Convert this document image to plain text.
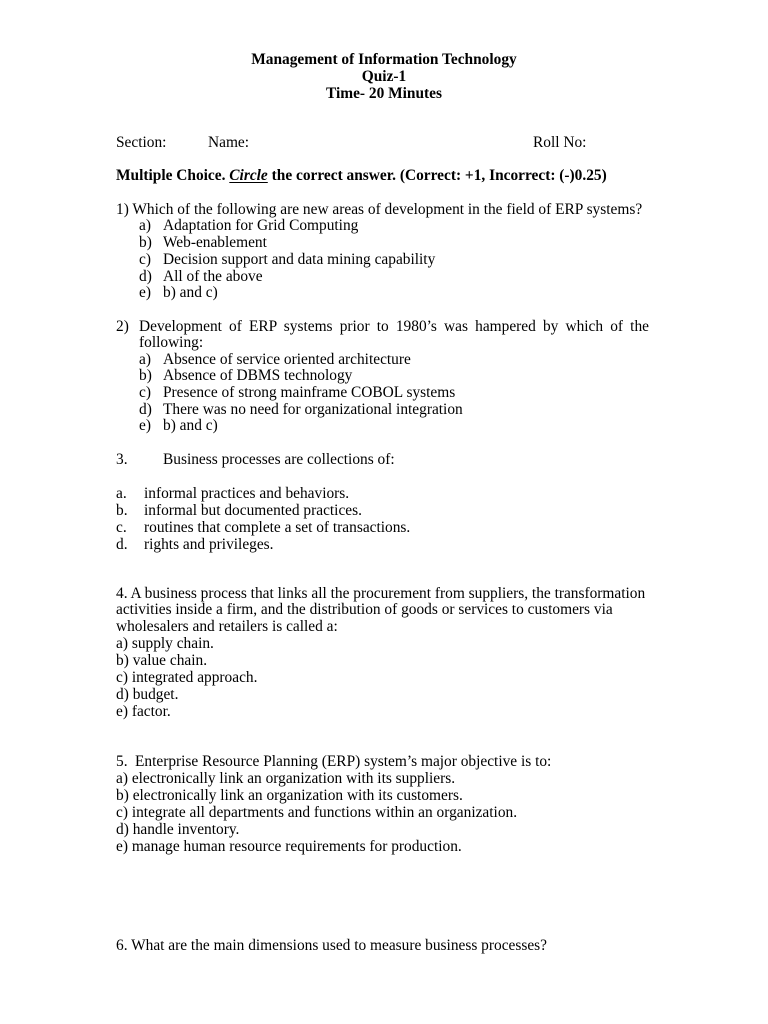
Management of Information Technology
Quiz-1
Time- 20 Minutes
Section:	Name:	Roll No:
Multiple Choice. Circle the correct answer. (Correct: +1, Incorrect: (-)0.25)
1) Which of the following are new areas of development in the field of ERP systems?
a) Adaptation for Grid Computing
b) Web-enablement
c) Decision support and data mining capability
d) All of the above
e) b) and c)
2) Development of ERP systems prior to 1980’s was hampered by which of the
following:
a) Absence of service oriented architecture
b) Absence of DBMS technology
c) Presence of strong mainframe COBOL systems
d) There was no need for organizational integration
e) b) and c)
3. Business processes are collections of:
a. informal practices and behaviors.
b. informal but documented practices.
c. routines that complete a set of transactions.
d. rights and privileges.
4. A business process that links all the procurement from suppliers, the transformation
activities inside a firm, and the distribution of goods or services to customers via
wholesalers and retailers is called a:
a) supply chain.
b) value chain.
c) integrated approach.
d) budget.
e) factor.
5. Enterprise Resource Planning (ERP) system’s major objective is to:
a) electronically link an organization with its suppliers.
b) electronically link an organization with its customers.
c) integrate all departments and functions within an organization.
d) handle inventory.
e) manage human resource requirements for production.
6. What are the main dimensions used to measure business processes?
